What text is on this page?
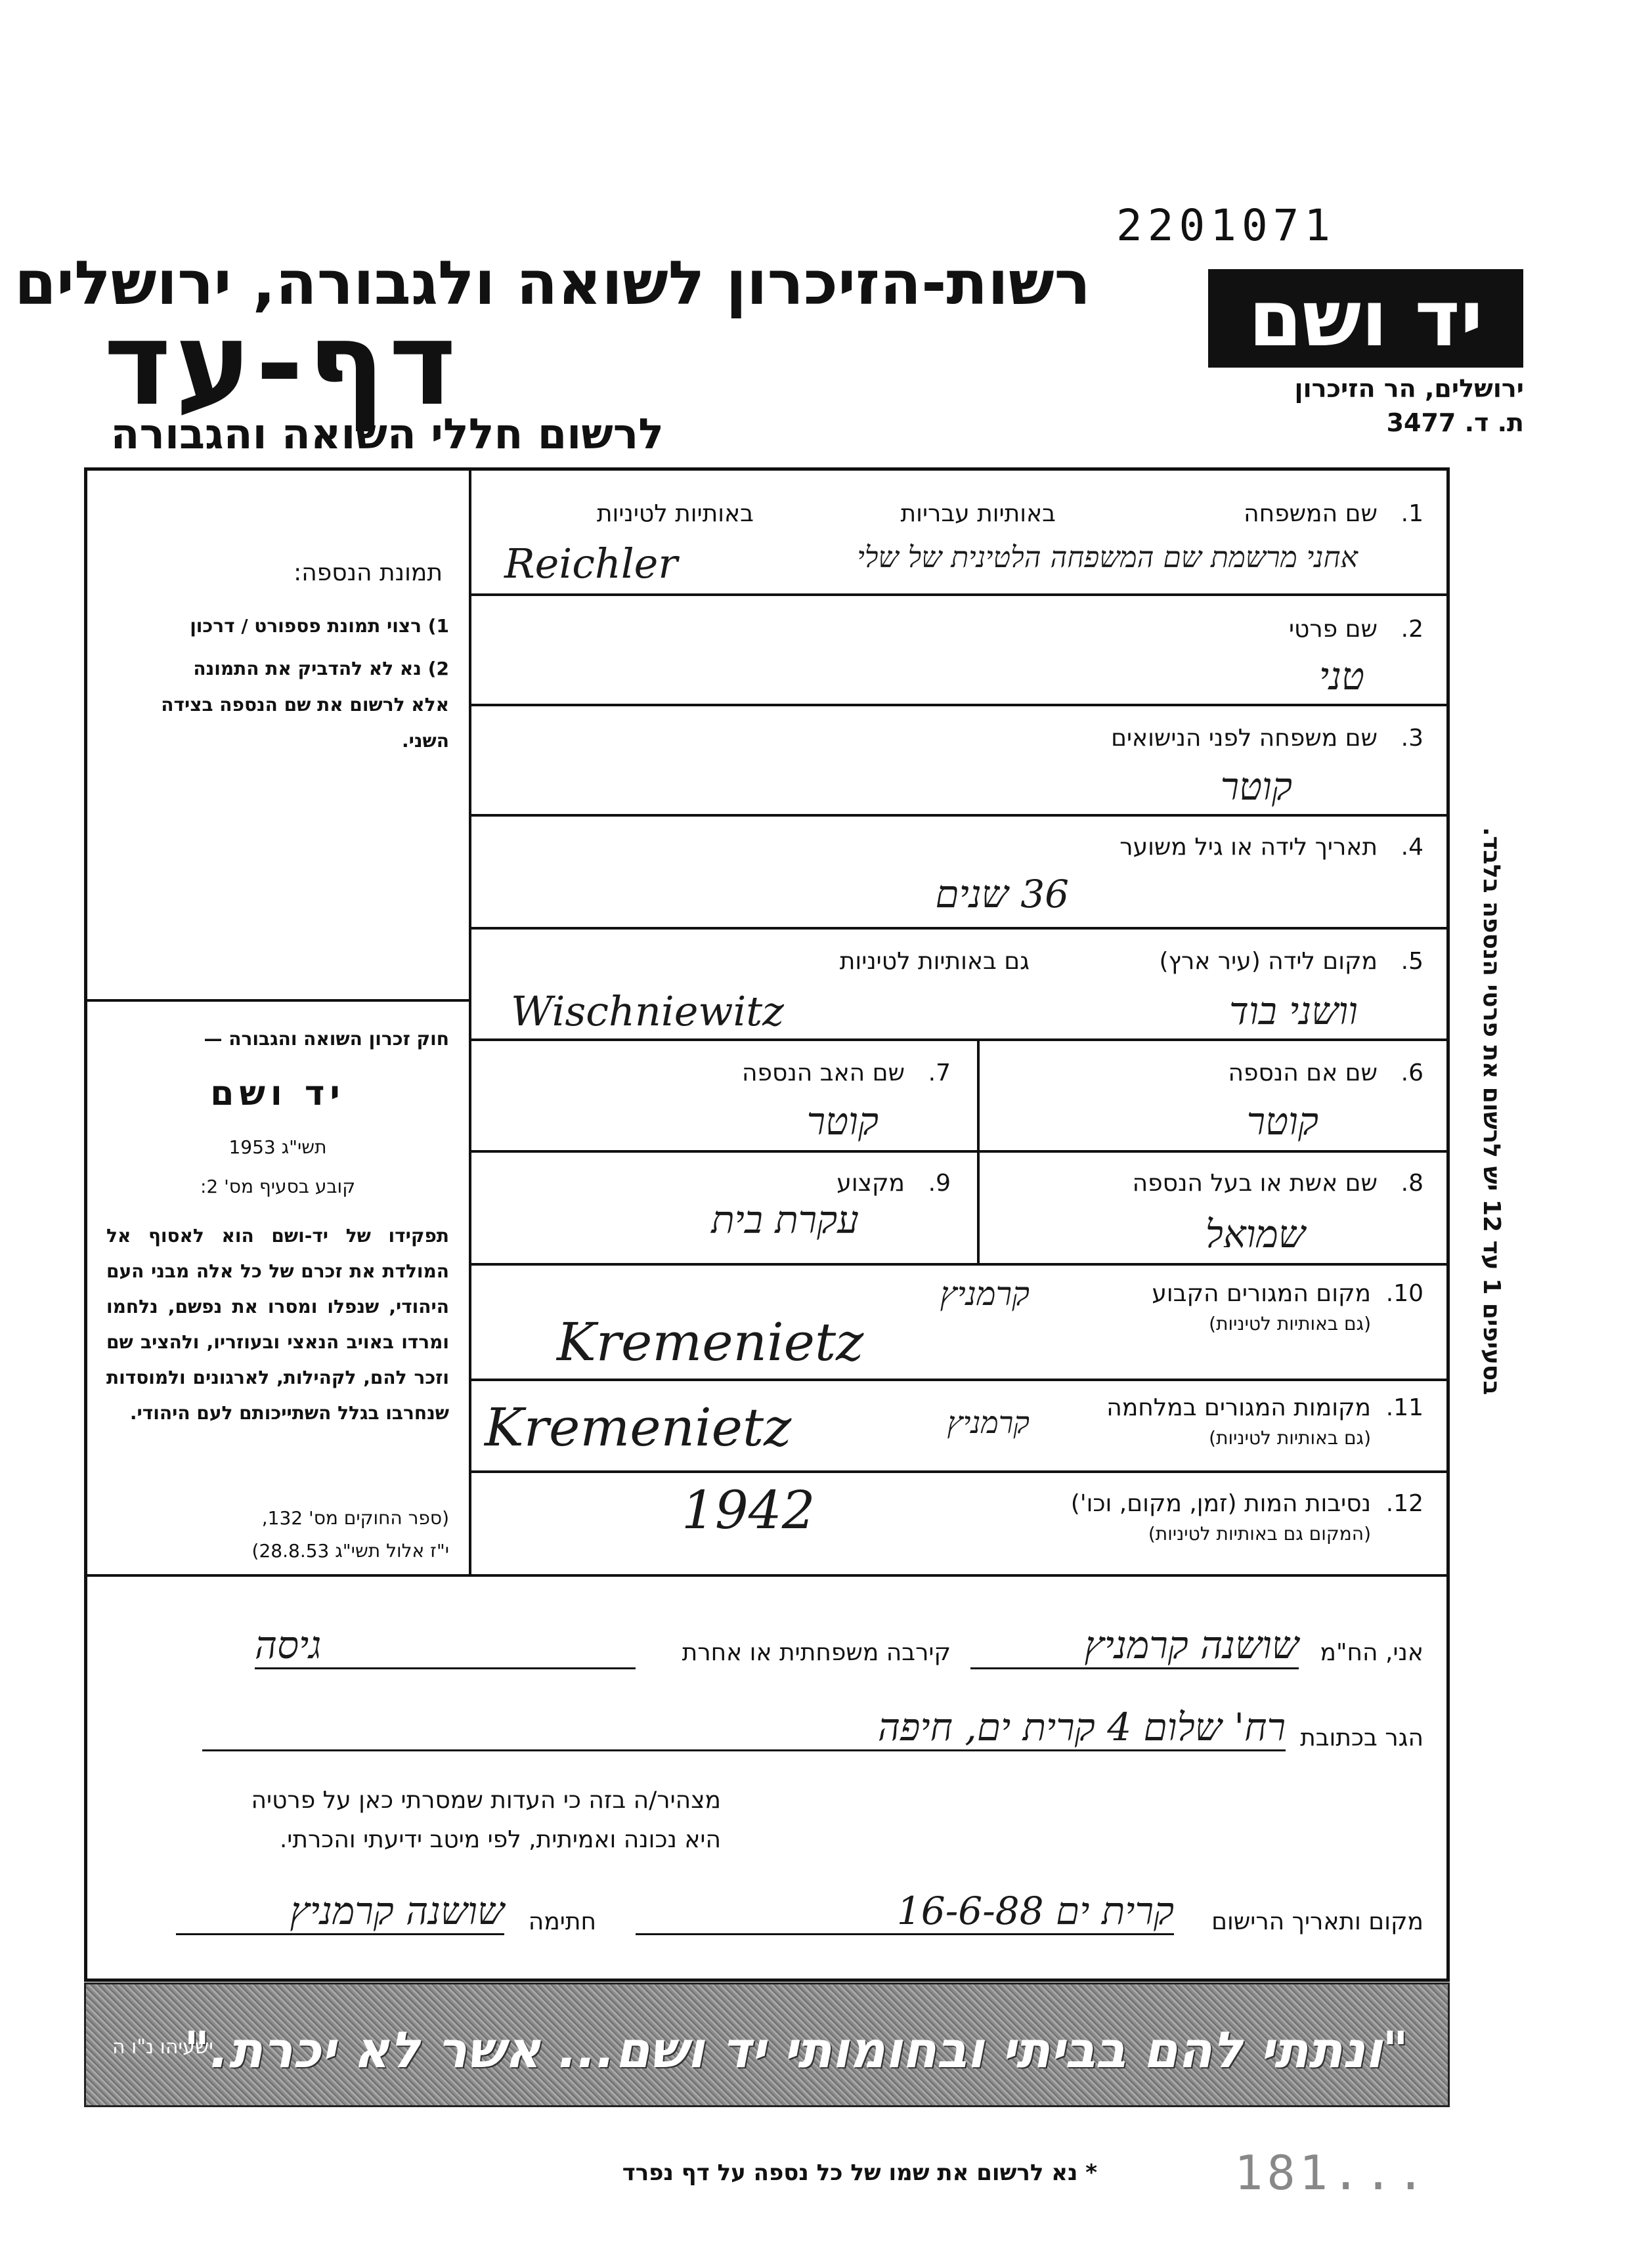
2201071
רשות-הזיכרון לשואה ולגבורה, ירושלים
דף-עד
לרשום חללי השואה והגבורה
יד ושם
ירושלים, הר הזיכרון
ת. ד. 3477
תמונת הנספה:
1) רצוי תמונת פספורט / דרכון
2) נא לא להדביק את התמונה
אלא לרשום את שם הנספה בצידה
השני.
חוק זכרון השואה והגבורה —
יד ושם
תשי"ג 1953
קובע בסעיף מס' 2:
תפקידו של יד-ושם הוא לאסוף אל המולדת את זכרם של כל אלה מבני העם היהודי, שנפלו ומסרו את נפשם, נלחמו ומרדו באויב הנאצי ובעוזריו, ולהציב שם וזכר להם, לקהילות, לארגונים ולמוסדות שנחרבו בגלל השתייכותם לעם היהודי.
(ספר החוקים מס' 132,
י"ז אלול תשי"ג 28.8.53)
1.
שם המשפחה
באותיות עבריות
באותיות לטיניות
אחני מרשמת שם המשפחה הלטינית של שלי
Reichler
2.
שם פרטי
טני
3.
שם משפחה לפני הנישואים
קוטר
4.
תאריך לידה או גיל משוער
36 שנים
5.
מקום לידה (עיר ארץ)
גם באותיות לטיניות
וושני בוד
Wischniewitz
6.
שם אם הנספה
קוטר
7.
שם האב הנספה
קוטר
8.
שם אשת או בעל הנספה
שמואל
9.
מקצוע
עקרת בית
10.
מקום המגורים הקבוע
(גם באותיות לטיניות)
קרמניץ
Kremenietz
11.
מקומות המגורים במלחמה
(גם באותיות לטיניות)
קרמניץ
Kremenietz
12.
נסיבות המות (זמן, מקום, וכו')
(המקום גם באותיות לטיניות)
1942
אני, הח"מ
שושנה קרמניץ
קירבה משפחתית או אחרת
גיסה
הגר בכתובת
רח' שלום 4 קרית ים, חיפה
מצהיר/ה בזה כי העדות שמסרתי כאן על פרטיה
היא נכונה ואמיתית, לפי מיטב ידיעתי והכרתי.
מקום ותאריך הרישום
קרית ים 16-6-88
חתימה
שושנה קרמניץ
"ונתתי להם בביתי ובחומותי יד ושם... אשר לא יכרת."
ישעיהו נ"ו ה
בסעיפים 1 עד 12 יש לרשום את פרטי הנספה בלבד.
* נא לרשום את שמו של כל נספה על דף נפרד	181...
